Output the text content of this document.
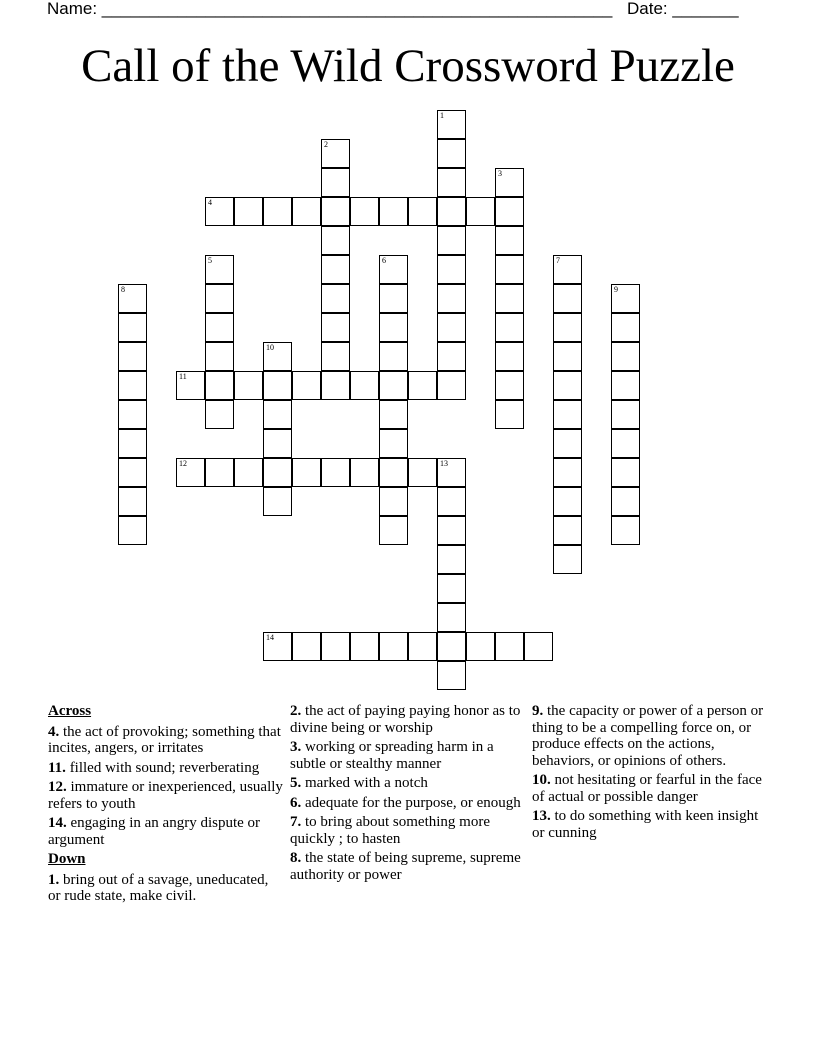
Name: ______________________________________________________ Date: _______
Call of the Wild Crossword Puzzle
1
2
3
4
5	6	7
8	9
10
11
12	13
14
Across
4. the act of provoking; something that incites, angers, or irritates
11. filled with sound; reverberating
12. immature or inexperienced, usually refers to youth
14. engaging in an angry dispute or argument
Down
1. bring out of a savage, uneducated, or rude state, make civil.
2. the act of paying paying honor as to divine being or worship
3. working or spreading harm in a subtle or stealthy manner
5. marked with a notch
6. adequate for the purpose, or enough
7. to bring about something more quickly ; to hasten
8. the state of being supreme, supreme authority or power
9. the capacity or power of a person or thing to be a compelling force on, or produce effects on the actions, behaviors, or opinions of others.
10. not hesitating or fearful in the face of actual or possible danger
13. to do something with keen insight or cunning
